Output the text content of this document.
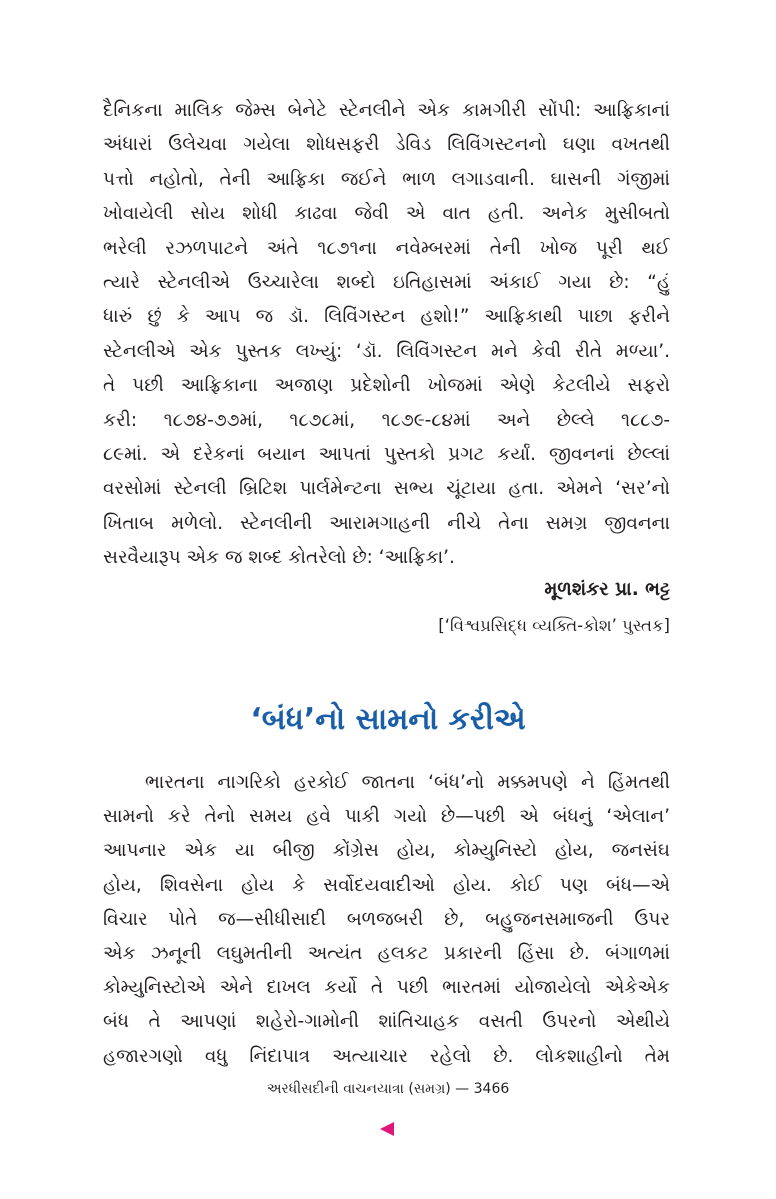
દૈનિકના માલિક જેમ્સ બેનેટે સ્ટેનલીને એક કામગીરી સોંપી: આફ્રિકાનાં
અંધારાં ઉલેચવા ગયેલા શોધસફરી ડેવિડ લિવિંગસ્ટનનો ઘણા વખતથી
પત્તો નહોતો, તેની આફ્રિકા જઈને ભાળ લગાડવાની. ઘાસની ગંજીમાં
ખોવાયેલી સોય શોધી કાઢવા જેવી એ વાત હતી. અનેક મુસીબતો
ભરેલી રઝળપાટને અંતે ૧૮૭૧ના નવેમ્બરમાં તેની ખોજ પૂરી થઈ
ત્યારે સ્ટેનલીએ ઉચ્ચારેલા શબ્દો ઇતિહાસમાં અંકાઈ ગયા છે: “હું
ધારું છું કે આપ જ ડૉ. લિવિંગસ્ટન હશો!” આફ્રિકાથી પાછા ફરીને
સ્ટેનલીએ એક પુસ્તક લખ્યું: ‘ડૉ. લિવિંગસ્ટન મને કેવી રીતે મળ્યા’.
તે પછી આફ્રિકાના અજાણ પ્રદેશોની ખોજમાં એણે કેટલીયે સફરો
કરી: ૧૮૭૪-૭૭માં, ૧૮૭૮માં, ૧૮૭૯-૮૪માં અને છેલ્લે ૧૮૮૭-
૮૯માં. એ દરેકનાં બયાન આપતાં પુસ્તકો પ્રગટ કર્યાં. જીવનનાં છેલ્લાં
વરસોમાં સ્ટેનલી બ્રિટિશ પાર્લમેન્ટના સભ્ય ચૂંટાયા હતા. એમને ‘સર’નો
ખિતાબ મળેલો. સ્ટેનલીની આરામગાહની નીચે તેના સમગ્ર જીવનના
સરવૈયારૂપ એક જ શબ્દ કોતરેલો છે: ‘આફ્રિકા’.
મૂળશંકર પ્રા. ભટ્ટ
[‘વિશ્વપ્રસિદ્ધ વ્યક્તિ-કોશ’ પુસ્તક]
‘બંધ’નો સામનો કરીએ
ભારતના નાગરિકો હરકોઈ જાતના ‘બંધ’નો મક્કમપણે ને હિંમતથી
સામનો કરે તેનો સમય હવે પાકી ગયો છે—પછી એ બંધનું ‘એલાન’
આપનાર એક યા બીજી કોંગ્રેસ હોય, કોમ્યુનિસ્ટો હોય, જનસંઘ
હોય, શિવસેના હોય કે સર્વોદયવાદીઓ હોય. કોઈ પણ બંધ—એ
વિચાર પોતે જ—સીધીસાદી બળજબરી છે, બહુજનસમાજની ઉપર
એક ઝનૂની લઘુમતીની અત્યંત હલકટ પ્રકારની હિંસા છે. બંગાળમાં
કોમ્યુનિસ્ટોએ એને દાખલ કર્યો તે પછી ભારતમાં યોજાયેલો એકેએક
બંધ તે આપણાં શહેરો-ગામોની શાંતિચાહક વસતી ઉપરનો એથીયે
હજારગણો વધુ નિંદાપાત્ર અત્યાચાર રહેલો છે. લોકશાહીનો તેમ
અરધીસદીની વાચનયાત્રા (સમગ્ર) — 3466
